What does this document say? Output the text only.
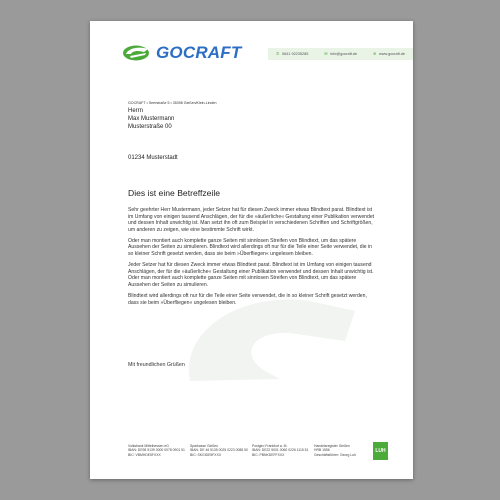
GOCRAFT	✆ 0641 92235285	✉ info@gocraft.de	⊕ www.gocraft.de
GOCRAFT • Seerstraße 5 • 35398 Gießen/Klein-Linden
Herrn
Max Mustermann
Musterstraße 00
01234 Musterstadt
Dies ist eine Betreffzeile

Sehr geehrter Herr Mustermann, jeder Setzer hat für diesen Zweck immer etwas Blindtext parat. Blindtext ist im Umfang von einigen tausend Anschlägen, der für die »äußerliche« Gestaltung einer Publikation verwendet und dessen Inhalt unwichtig ist. Man setzt ihn oft zum Beispiel in verschiedenen Schriften und Schriftgrößen, um anderen zu zeigen, wie eine bestimmte Schrift wirkt.

Oder man montiert auch komplette ganze Seiten mit sinnlosen Streifen von Blindtext, um das spätere Aussehen der Seiten zu simulieren. Blindtext wird allerdings oft nur für die Teile einer Seite verwendet, die in so kleiner Schrift gesetzt werden, dass sie beim »Überfliegen« ungelesen bleiben.

Jeder Setzer hat für diesen Zweck immer etwas Blindtext parat. Blindtext ist im Umfang von einigen tausend Anschlägen, der für die »äußerliche« Gestaltung einer Publikation verwendet und dessen Inhalt unwichtig ist. Oder man montiert auch komplette ganze Seiten mit sinnlosen Streifen von Blindtext, um das spätere Aussehen der Seiten zu simulieren.

Blindtext wird allerdings oft nur für die Teile einer Seite verwendet, die in so kleiner Schrift gesetzt werden, dass sie beim »Überfliegen« ungelesen bleiben.

Mit freundlichen Grüßen
Volksbank Mittelhessen eG
IBAN: DE98 5139 0000 0078 0901 51
BIC: VBMHDE5FXXX
Sparkasse Gießen
IBAN: DE 46 5135 0025 0223 0088 50
BIC: SKGIDE5FXXX
Postgiro Frankfurt a. M.
IBAN: DE22 5001 0060 0226 1115 51
BIC: PBNKDEFFXXX
Handelsregister Gießen
HRB 1556
Geschäftsführer: Georg Luh
LUH
